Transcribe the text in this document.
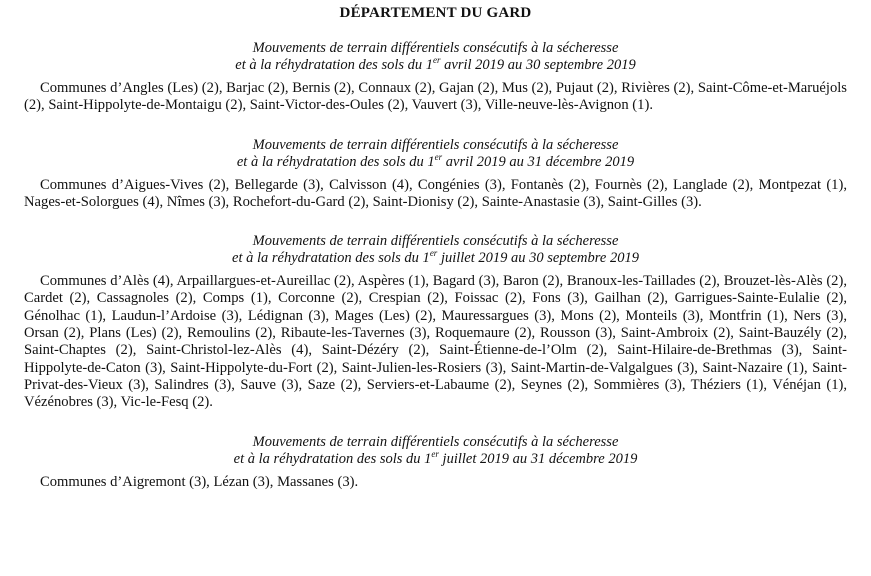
DÉPARTEMENT DU GARD
Mouvements de terrain différentiels consécutifs à la sécheresse
et à la réhydratation des sols du 1er avril 2019 au 30 septembre 2019

Communes d’Angles (Les) (2), Barjac (2), Bernis (2), Connaux (2), Gajan (2), Mus (2), Pujaut (2), Rivières (2), Saint-Côme-et-Maruéjols (2), Saint-Hippolyte-de-Montaigu (2), Saint-Victor-des-Oules (2), Vauvert (3), Ville-neuve-lès-Avignon (1).

Mouvements de terrain différentiels consécutifs à la sécheresse
et à la réhydratation des sols du 1er avril 2019 au 31 décembre 2019

Communes d’Aigues-Vives (2), Bellegarde (3), Calvisson (4), Congénies (3), Fontanès (2), Fournès (2), Langlade (2), Montpezat (1), Nages-et-Solorgues (4), Nîmes (3), Rochefort-du-Gard (2), Saint-Dionisy (2), Sainte-Anastasie (3), Saint-Gilles (3).

Mouvements de terrain différentiels consécutifs à la sécheresse
et à la réhydratation des sols du 1er juillet 2019 au 30 septembre 2019

Communes d’Alès (4), Arpaillargues-et-Aureillac (2), Aspères (1), Bagard (3), Baron (2), Branoux-les-Taillades (2), Brouzet-lès-Alès (2), Cardet (2), Cassagnoles (2), Comps (1), Corconne (2), Crespian (2), Foissac (2), Fons (3), Gailhan (2), Garrigues-Sainte-Eulalie (2), Génolhac (1), Laudun-l’Ardoise (3), Lédignan (3), Mages (Les) (2), Mauressargues (3), Mons (2), Monteils (3), Montfrin (1), Ners (3), Orsan (2), Plans (Les) (2), Remoulins (2), Ribaute-les-Tavernes (3), Roquemaure (2), Rousson (3), Saint-Ambroix (2), Saint-Bauzély (2), Saint-Chaptes (2), Saint-Christol-lez-Alès (4), Saint-Dézéry (2), Saint-Étienne-de-l’Olm (2), Saint-Hilaire-de-Brethmas (3), Saint-Hippolyte-de-Caton (3), Saint-Hippolyte-du-Fort (2), Saint-Julien-les-Rosiers (3), Saint-Martin-de-Valgalgues (3), Saint-Nazaire (1), Saint-Privat-des-Vieux (3), Salindres (3), Sauve (3), Saze (2), Serviers-et-Labaume (2), Seynes (2), Sommières (3), Théziers (1), Vénéjan (1), Vézénobres (3), Vic-le-Fesq (2).

Mouvements de terrain différentiels consécutifs à la sécheresse
et à la réhydratation des sols du 1er juillet 2019 au 31 décembre 2019

Communes d’Aigremont (3), Lézan (3), Massanes (3).
